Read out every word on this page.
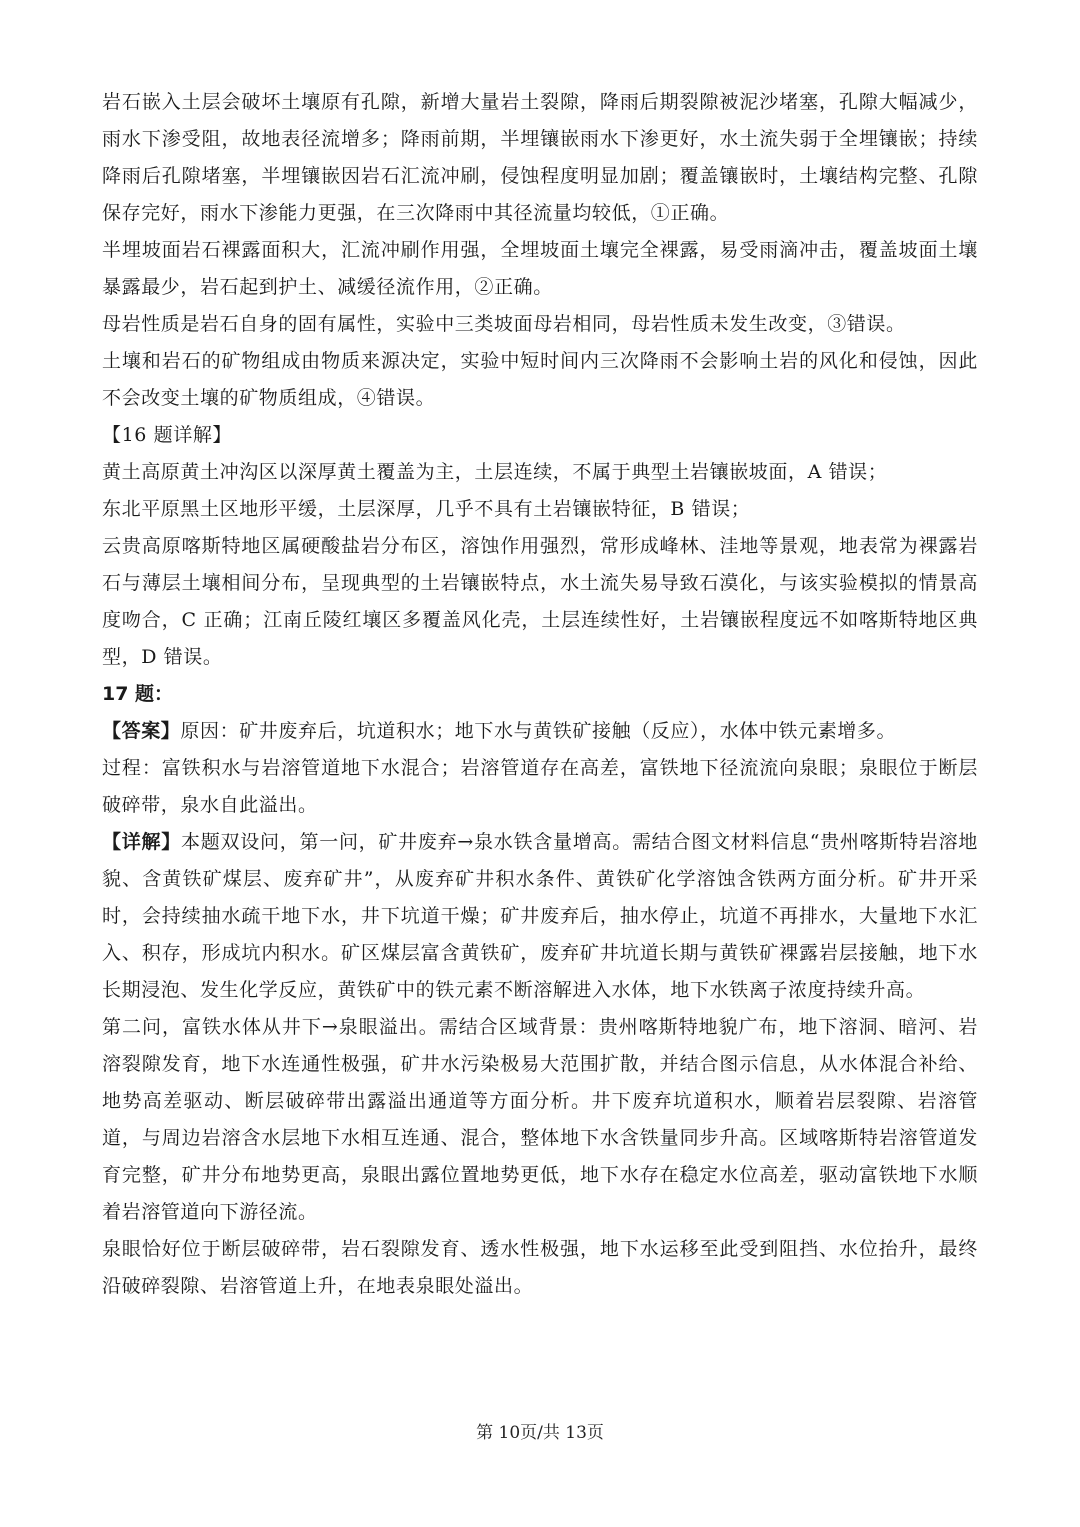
岩石嵌入土层会破坏土壤原有孔隙，新增大量岩土裂隙，降雨后期裂隙被泥沙堵塞，孔隙大幅减少，雨水下渗受阻，故地表径流增多；降雨前期，半埋镶嵌雨水下渗更好，水土流失弱于全埋镶嵌；持续降雨后孔隙堵塞，半埋镶嵌因岩石汇流冲刷，侵蚀程度明显加剧；覆盖镶嵌时，土壤结构完整、孔隙保存完好，雨水下渗能力更强，在三次降雨中其径流量均较低，①正确。

半埋坡面岩石裸露面积大，汇流冲刷作用强，全埋坡面土壤完全裸露，易受雨滴冲击，覆盖坡面土壤暴露最少，岩石起到护土、减缓径流作用，②正确。

母岩性质是岩石自身的固有属性，实验中三类坡面母岩相同，母岩性质未发生改变，③错误。

土壤和岩石的矿物组成由物质来源决定，实验中短时间内三次降雨不会影响土岩的风化和侵蚀，因此不会改变土壤的矿物质组成，④错误。

【16 题详解】

黄土高原黄土冲沟区以深厚黄土覆盖为主，土层连续，不属于典型土岩镶嵌坡面，A 错误；

东北平原黑土区地形平缓，土层深厚，几乎不具有土岩镶嵌特征，B 错误；

云贵高原喀斯特地区属硬酸盐岩分布区，溶蚀作用强烈，常形成峰林、洼地等景观，地表常为裸露岩石与薄层土壤相间分布，呈现典型的土岩镶嵌特点，水土流失易导致石漠化，与该实验模拟的情景高度吻合，C 正确；江南丘陵红壤区多覆盖风化壳，土层连续性好，土岩镶嵌程度远不如喀斯特地区典型，D 错误。

17 题：

【答案】原因：矿井废弃后，坑道积水；地下水与黄铁矿接触（反应），水体中铁元素增多。

过程：富铁积水与岩溶管道地下水混合；岩溶管道存在高差，富铁地下径流流向泉眼；泉眼位于断层破碎带，泉水自此溢出。

【详解】本题双设问，第一问，矿井废弃→泉水铁含量增高。需结合图文材料信息“贵州喀斯特岩溶地貌、含黄铁矿煤层、废弃矿井”，从废弃矿井积水条件、黄铁矿化学溶蚀含铁两方面分析。矿井开采时，会持续抽水疏干地下水，井下坑道干燥；矿井废弃后，抽水停止，坑道不再排水，大量地下水汇入、积存，形成坑内积水。矿区煤层富含黄铁矿，废弃矿井坑道长期与黄铁矿裸露岩层接触，地下水长期浸泡、发生化学反应，黄铁矿中的铁元素不断溶解进入水体，地下水铁离子浓度持续升高。

第二问，富铁水体从井下→泉眼溢出。需结合区域背景：贵州喀斯特地貌广布，地下溶洞、暗河、岩溶裂隙发育，地下水连通性极强，矿井水污染极易大范围扩散，并结合图示信息，从水体混合补给、地势高差驱动、断层破碎带出露溢出通道等方面分析。井下废弃坑道积水，顺着岩层裂隙、岩溶管道，与周边岩溶含水层地下水相互连通、混合，整体地下水含铁量同步升高。区域喀斯特岩溶管道发育完整，矿井分布地势更高，泉眼出露位置地势更低，地下水存在稳定水位高差，驱动富铁地下水顺着岩溶管道向下游径流。

泉眼恰好位于断层破碎带，岩石裂隙发育、透水性极强，地下水运移至此受到阻挡、水位抬升，最终沿破碎裂隙、岩溶管道上升，在地表泉眼处溢出。

第 10页/共 13页
